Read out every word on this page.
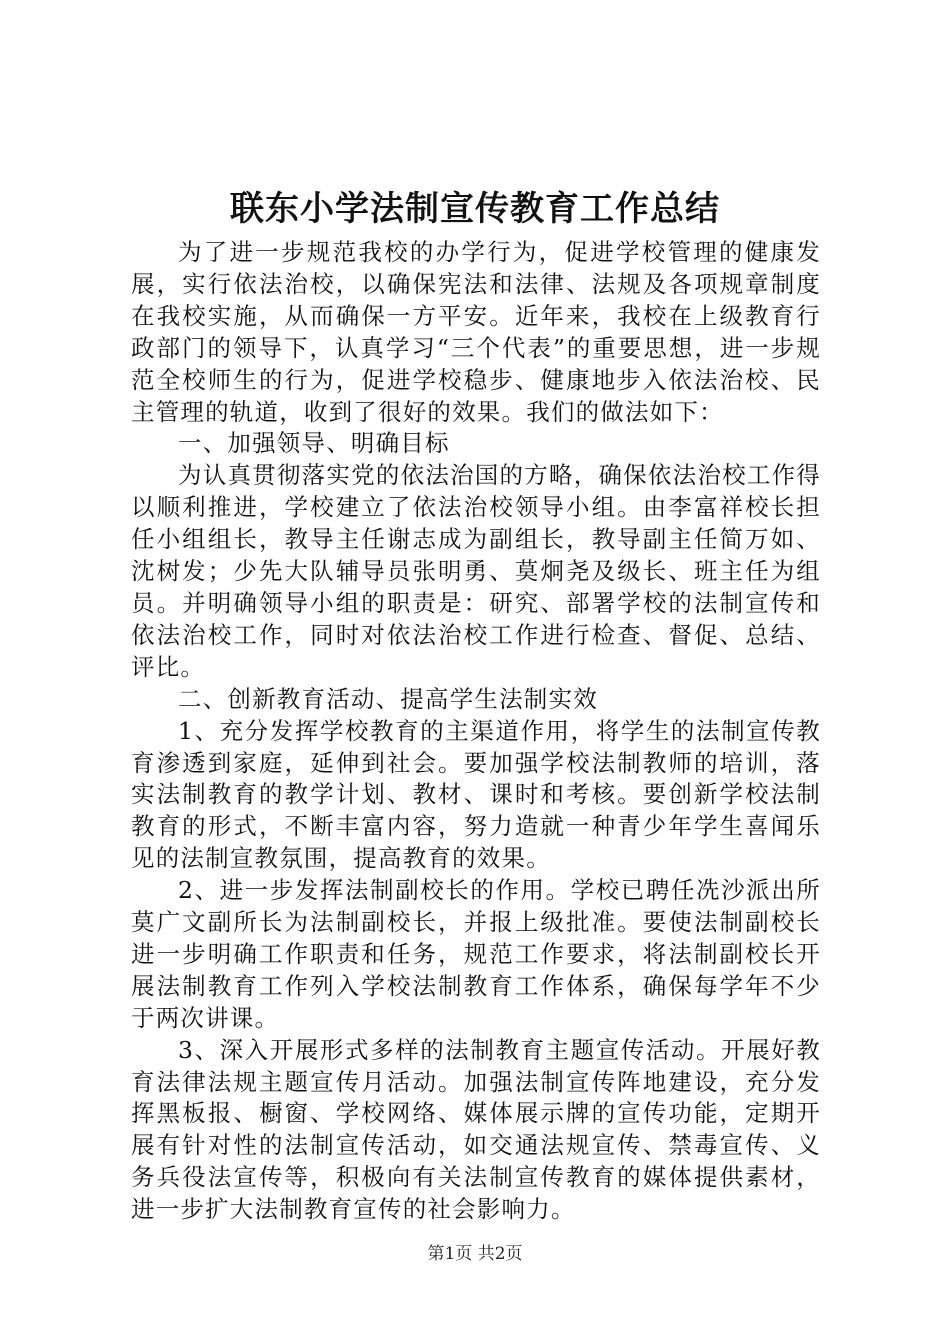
联东小学法制宣传教育工作总结

为了进一步规范我校的办学行为，促进学校管理的健康发展，实行依法治校，以确保宪法和法律、法规及各项规章制度在我校实施，从而确保一方平安。近年来，我校在上级教育行政部门的领导下，认真学习“三个代表”的重要思想，进一步规范全校师生的行为，促进学校稳步、健康地步入依法治校、民主管理的轨道，收到了很好的效果。我们的做法如下：

一、加强领导、明确目标

为认真贯彻落实党的依法治国的方略，确保依法治校工作得以顺利推进，学校建立了依法治校领导小组。由李富祥校长担任小组组长，教导主任谢志成为副组长，教导副主任简万如、沈树发；少先大队辅导员张明勇、莫炯尧及级长、班主任为组员。并明确领导小组的职责是：研究、部署学校的法制宣传和依法治校工作，同时对依法治校工作进行检查、督促、总结、评比。

二、创新教育活动、提高学生法制实效

1、充分发挥学校教育的主渠道作用，将学生的法制宣传教育渗透到家庭，延伸到社会。要加强学校法制教师的培训，落实法制教育的教学计划、教材、课时和考核。要创新学校法制教育的形式，不断丰富内容，努力造就一种青少年学生喜闻乐见的法制宣教氛围，提高教育的效果。

2、进一步发挥法制副校长的作用。学校已聘任冼沙派出所莫广文副所长为法制副校长，并报上级批准。要使法制副校长进一步明确工作职责和任务，规范工作要求，将法制副校长开展法制教育工作列入学校法制教育工作体系，确保每学年不少于两次讲课。

3、深入开展形式多样的法制教育主题宣传活动。开展好教育法律法规主题宣传月活动。加强法制宣传阵地建设，充分发挥黑板报、橱窗、学校网络、媒体展示牌的宣传功能，定期开展有针对性的法制宣传活动，如交通法规宣传、禁毒宣传、义务兵役法宣传等，积极向有关法制宣传教育的媒体提供素材，进一步扩大法制教育宣传的社会影响力。

第1页 共2页
